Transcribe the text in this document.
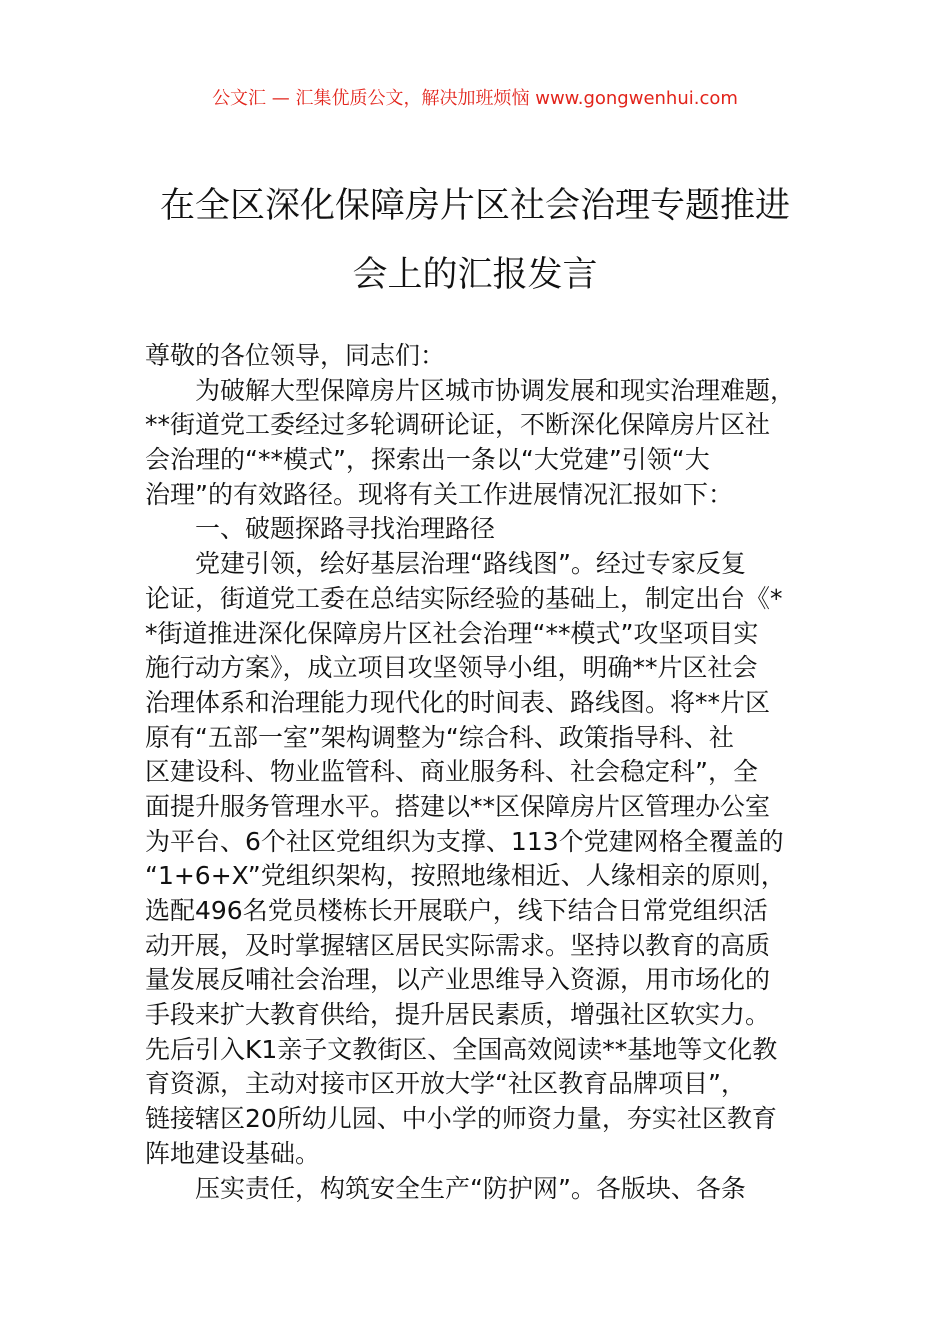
公文汇 — 汇集优质公文，解决加班烦恼 www.gongwenhui.com
在全区深化保障房片区社会治理专题推进
会上的汇报发言
尊敬的各位领导，同志们：
为破解大型保障房片区城市协调发展和现实治理难题，
**街道党工委经过多轮调研论证，不断深化保障房片区社
会治理的“**模式”，探索出一条以“大党建”引领“大
治理”的有效路径。现将有关工作进展情况汇报如下：
一、破题探路寻找治理路径
党建引领，绘好基层治理“路线图”。经过专家反复
论证，街道党工委在总结实际经验的基础上，制定出台《*
*街道推进深化保障房片区社会治理“**模式”攻坚项目实
施行动方案》，成立项目攻坚领导小组，明确**片区社会
治理体系和治理能力现代化的时间表、路线图。将**片区
原有“五部一室”架构调整为“综合科、政策指导科、社
区建设科、物业监管科、商业服务科、社会稳定科”，全
面提升服务管理水平。搭建以**区保障房片区管理办公室
为平台、6个社区党组织为支撑、113个党建网格全覆盖的
“1+6+X”党组织架构，按照地缘相近、人缘相亲的原则，
选配496名党员楼栋长开展联户，线下结合日常党组织活
动开展，及时掌握辖区居民实际需求。坚持以教育的高质
量发展反哺社会治理，以产业思维导入资源，用市场化的
手段来扩大教育供给，提升居民素质，增强社区软实力。
先后引入K1亲子文教街区、全国高效阅读**基地等文化教
育资源，主动对接市区开放大学“社区教育品牌项目”，
链接辖区20所幼儿园、中小学的师资力量，夯实社区教育
阵地建设基础。
压实责任，构筑安全生产“防护网”。各版块、各条
